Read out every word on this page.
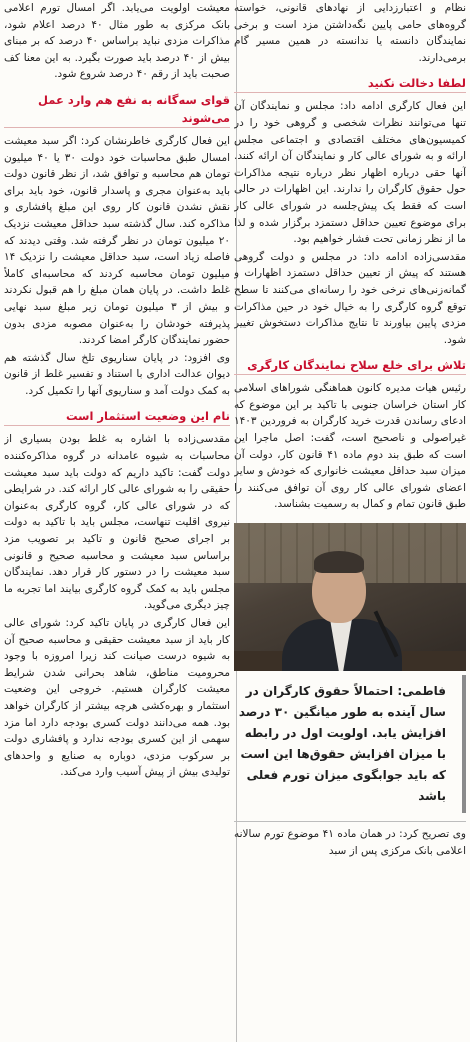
نظام و اعتبارزدایی از نهادهای قانونی، خواسته گروه‌های حامی پایین نگه‌داشتن مزد است و برخی نمایندگان دانسته یا ندانسته در همین مسیر گام برمی‌دارند.

لطفا دخالت نکنید

این فعال کارگری ادامه داد: مجلس و نمایندگان آن تنها می‌توانند نظرات شخصی و گروهی خود را در کمیسیون‌های مختلف اقتصادی و اجتماعی مجلس ارائه و به شورای عالی کار و نمایندگان آن ارائه کنند. آنها حقی درباره اظهار نظر درباره نتیجه مذاکرات حول حقوق کارگران را ندارند. این اظهارات در حالی است که فقط یک پیش‌جلسه در شورای عالی کار برای موضوع تعیین حداقل دستمزد برگزار شده و لذا ما از نظر زمانی تحت فشار خواهیم بود.

مقدسی‌زاده ادامه داد: در مجلس و دولت گروهی هستند که پیش از تعیین حداقل دستمزد اظهارات و گمانه‌زنی‌های نرخی خود را رسانه‌ای می‌کنند تا سطح توقع گروه کارگری را به خیال خود در حین مذاکرات مزدی پایین بیاورند تا نتایج مذاکرات دستخوش تغییر شود.

تلاش برای خلع سلاح نمایندگان کارگری

رئیس هیات مدیره کانون هماهنگی شوراهای اسلامی کار استان خراسان جنوبی با تاکید بر این موضوع که ادعای رساندن قدرت خرید کارگران به فروردین ۱۴۰۳ غیراصولی و ناصحیح است، گفت: اصل ماجرا این است که طبق بند دوم ماده ۴۱ قانون کار، دولت آن میزان سبد حداقل معیشت خانواری که خودش و سایر اعضای شورای عالی کار روی آن توافق می‌کنند را طبق قانون تمام و کمال به رسمیت بشناسد.

فاطمی: احتمالاً حقوق کارگران در سال آینده به طور میانگین ۳۰ درصد افزایش یابد. اولویت اول در رابطه با میزان افزایش حقوق‌ها این است که باید جوابگوی میزان تورم فعلی باشد

وی تصریح کرد: در همان ماده ۴۱ موضوع تورم سالانه اعلامی بانک مرکزی پس از سبد

معیشت اولویت می‌یابد. اگر امسال تورم اعلامی بانک مرکزی به طور مثال ۴۰ درصد اعلام شود، مذاکرات مزدی نباید براساس ۴۰ درصد که بر مبنای بیش از ۴۰ درصد باید صورت بگیرد. به این معنا کف صحبت باید از رقم ۴۰ درصد شروع شود.

قوای سه‌گانه به نفع هم وارد عمل می‌شوند

این فعال کارگری خاطرنشان کرد: اگر سبد معیشت امسال طبق محاسبات خود دولت ۳۰ یا ۴۰ میلیون تومان هم محاسبه و توافق شد، از نظر قانون دولت باید به‌عنوان مجری و پاسدار قانون، خود باید برای نقش نشدن قانون کار روی این مبلغ پافشاری و مذاکره کند. سال گذشته سبد حداقل معیشت نزدیک ۲۰ میلیون تومان در نظر گرفته شد. وقتی دیدند که فاصله زیاد است، سبد حداقل معیشت را نزدیک ۱۴ میلیون تومان محاسبه کردند که محاسبه‌ای کاملاً غلط داشت. در پایان همان مبلغ را هم قبول نکردند و بیش از ۳ میلیون تومان زیر مبلغ سبد نهایی پذیرفته خودشان را به‌عنوان مصوبه مزدی بدون حضور نمایندگان کارگر امضا کردند.

وی افزود: در پایان سناریوی تلخ سال گذشته هم دیوان عدالت اداری با استناد و تفسیر غلط از قانون به کمک دولت آمد و سناریوی آنها را تکمیل کرد.

نام این وضعیت استثمار است

مقدسی‌زاده با اشاره به غلط بودن بسیاری از محاسبات به شیوه عامدانه در گروه مذاکره‌کننده دولت گفت: تاکید داریم که دولت باید سبد معیشت حقیقی را به شورای عالی کار ارائه کند. در شرایطی که در شورای عالی کار، گروه کارگری به‌عنوان نیروی اقلیت تنهاست، مجلس باید با تاکید به دولت بر اجرای صحیح قانون و تاکید بر تصویب مزد براساس سبد معیشت و محاسبه صحیح و قانونی سبد معیشت را در دستور کار قرار دهد. نمایندگان مجلس باید به کمک گروه کارگری بیایند اما تجربه ما چیز دیگری می‌گوید.

این فعال کارگری در پایان تاکید کرد: شورای عالی کار باید از سبد معیشت حقیقی و محاسبه صحیح آن به شیوه درست صیانت کند زیرا امروزه با وجود محرومیت مناطق، شاهد بحرانی شدن شرایط معیشت کارگران هستیم. خروجی این وضعیت استثمار و بهره‌کشی هرچه بیشتر از کارگران خواهد بود. همه می‌دانند دولت کسری بودجه دارد اما مزد سهمی از این کسری بودجه ندارد و پافشاری دولت بر سرکوب مزدی، دوباره به صنایع و واحدهای تولیدی بیش از پیش آسیب وارد می‌کند.
